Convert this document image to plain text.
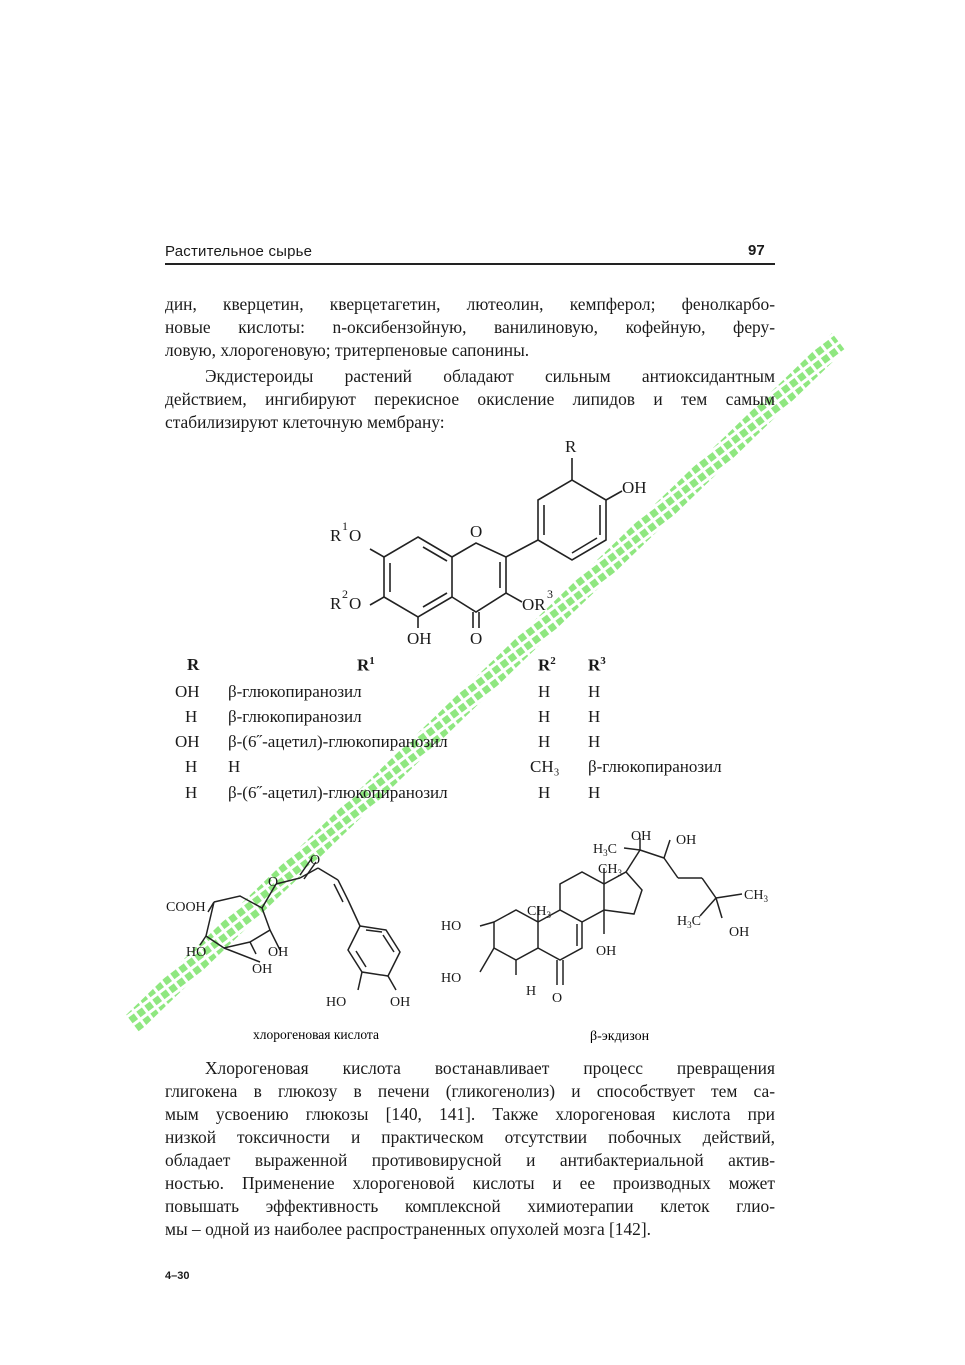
Растительное сырье	97
дин, кверцетин, кверцетагетин, лютеолин, кемпферол; фенолкарбо-
новые кислоты: n-оксибензойную, ванилиновую, кофейную, феру-
ловую, хлорогеновую; тритерпеновые сапонины.
Экдистероиды растений обладают сильным антиоксидантным
действием, ингибируют перекисное окисление липидов и тем самым
стабилизируют клеточную мембрану:
R
OH
R 1 O
R 2 O
O
OR
3
OH O
R	$R^1$	$R^2$ $R^3$
OH	β-глюкопиранозил	H H
H	β-глюкопиранозил	H H
OH	β-(6˝-ацетил)-глюкопиранозил	H H
H	H	CH₃ β-глюкопиранозил
H	β-(6˝-ацетил)-глюкопиранозил	H H
O
O
COOH
HO	OH
OH
HO	OH
хлорогеновая кислота
$H_3C$
OH OH
$CH_3$
$CH_3$
$CH_3$
$H_3C$
OH
HO
HO
OH
H O
β-экдизон
Хлорогеновая кислота востанавливает процесс превращения
глигокена в глюкозу в печени (гликогенолиз) и способствует тем са-
мым усвоению глюкозы [140, 141]. Также хлорогеновая кислота при
низкой токсичности и практическом отсутствии побочных действий,
обладает выраженной противовирусной и антибактериальной актив-
ностью. Применение хлорогеновой кислоты и ее производных может
повышать эффективность комплексной химиотерапии клеток глио-
мы – одной из наиболее распространенных опухолей мозга [142].
4–30
